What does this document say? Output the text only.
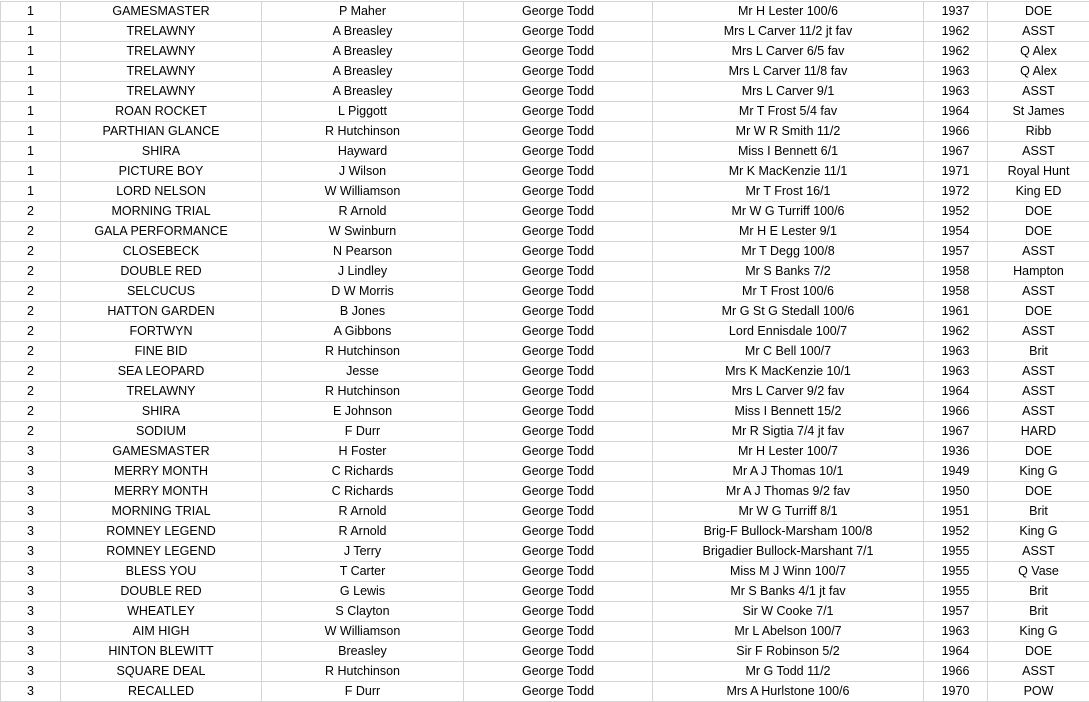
1	GAMESMASTER	P Maher	George Todd	Mr H Lester 100/6	1937	DOE
1	TRELAWNY	A Breasley	George Todd	Mrs L Carver 11/2 jt fav	1962	ASST
1	TRELAWNY	A Breasley	George Todd	Mrs L Carver 6/5 fav	1962	Q Alex
1	TRELAWNY	A Breasley	George Todd	Mrs L Carver 11/8 fav	1963	Q Alex
1	TRELAWNY	A Breasley	George Todd	Mrs L Carver 9/1	1963	ASST
1	ROAN ROCKET	L Piggott	George Todd	Mr T Frost 5/4 fav	1964	St James
1	PARTHIAN GLANCE	R Hutchinson	George Todd	Mr W R Smith 11/2	1966	Ribb
1	SHIRA	Hayward	George Todd	Miss I Bennett 6/1	1967	ASST
1	PICTURE BOY	J Wilson	George Todd	Mr K MacKenzie 11/1	1971	Royal Hunt
1	LORD NELSON	W Williamson	George Todd	Mr T Frost 16/1	1972	King ED
2	MORNING TRIAL	R Arnold	George Todd	Mr W G Turriff 100/6	1952	DOE
2	GALA PERFORMANCE	W Swinburn	George Todd	Mr H E Lester 9/1	1954	DOE
2	CLOSEBECK	N Pearson	George Todd	Mr T Degg 100/8	1957	ASST
2	DOUBLE RED	J Lindley	George Todd	Mr S Banks 7/2	1958	Hampton
2	SELCUCUS	D W Morris	George Todd	Mr T Frost 100/6	1958	ASST
2	HATTON GARDEN	B Jones	George Todd	Mr G St G Stedall 100/6	1961	DOE
2	FORTWYN	A Gibbons	George Todd	Lord Ennisdale 100/7	1962	ASST
2	FINE BID	R Hutchinson	George Todd	Mr C Bell 100/7	1963	Brit
2	SEA LEOPARD	Jesse	George Todd	Mrs K MacKenzie 10/1	1963	ASST
2	TRELAWNY	R Hutchinson	George Todd	Mrs L Carver 9/2 fav	1964	ASST
2	SHIRA	E Johnson	George Todd	Miss I Bennett 15/2	1966	ASST
2	SODIUM	F Durr	George Todd	Mr R Sigtia 7/4 jt fav	1967	HARD
3	GAMESMASTER	H Foster	George Todd	Mr H Lester 100/7	1936	DOE
3	MERRY MONTH	C Richards	George Todd	Mr A J Thomas 10/1	1949	King G
3	MERRY MONTH	C Richards	George Todd	Mr A J Thomas 9/2 fav	1950	DOE
3	MORNING TRIAL	R Arnold	George Todd	Mr W G Turriff 8/1	1951	Brit
3	ROMNEY LEGEND	R Arnold	George Todd	Brig-F Bullock-Marsham 100/8	1952	King G
3	ROMNEY LEGEND	J Terry	George Todd	Brigadier Bullock-Marshant 7/1	1955	ASST
3	BLESS YOU	T Carter	George Todd	Miss M J Winn 100/7	1955	Q Vase
3	DOUBLE RED	G Lewis	George Todd	Mr S Banks 4/1 jt fav	1955	Brit
3	WHEATLEY	S Clayton	George Todd	Sir W Cooke 7/1	1957	Brit
3	AIM HIGH	W Williamson	George Todd	Mr L Abelson 100/7	1963	King G
3	HINTON BLEWITT	Breasley	George Todd	Sir F Robinson 5/2	1964	DOE
3	SQUARE DEAL	R Hutchinson	George Todd	Mr G Todd 11/2	1966	ASST
3	RECALLED	F Durr	George Todd	Mrs A Hurlstone 100/6	1970	POW
